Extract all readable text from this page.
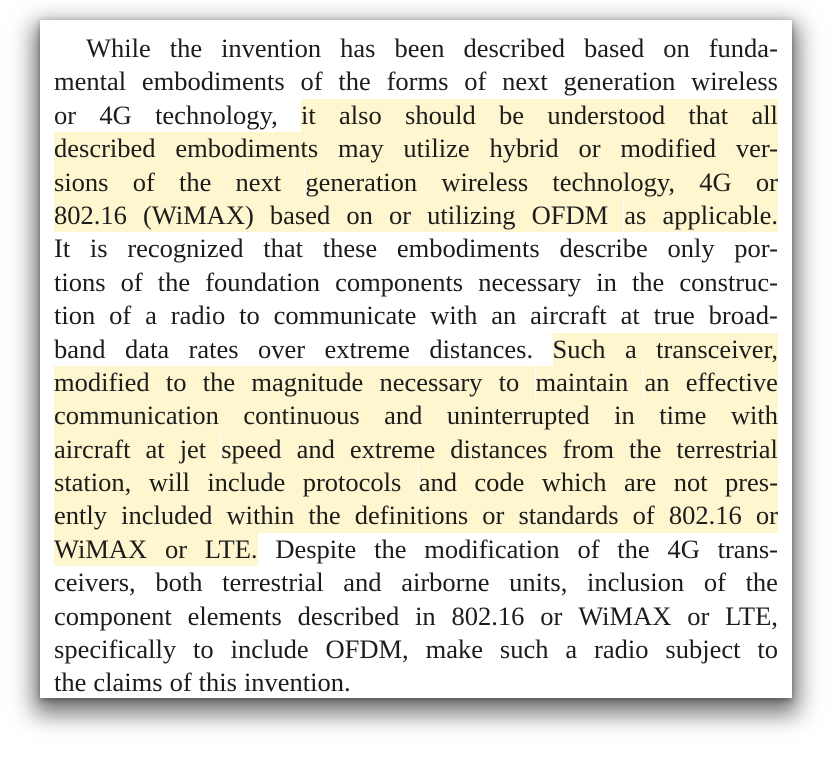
While the invention has been described based on funda-
mental embodiments of the forms of next generation wireless
or 4G technology, it also should be understood that all
described embodiments may utilize hybrid or modified ver-
sions of the next generation wireless technology, 4G or
802.16 (WiMAX) based on or utilizing OFDM as applicable.
It is recognized that these embodiments describe only por-
tions of the foundation components necessary in the construc-
tion of a radio to communicate with an aircraft at true broad-
band data rates over extreme distances. Such a transceiver,
modified to the magnitude necessary to maintain an effective
communication continuous and uninterrupted in time with
aircraft at jet speed and extreme distances from the terrestrial
station, will include protocols and code which are not pres-
ently included within the definitions or standards of 802.16 or
WiMAX or LTE. Despite the modification of the 4G trans-
ceivers, both terrestrial and airborne units, inclusion of the
component elements described in 802.16 or WiMAX or LTE,
specifically to include OFDM, make such a radio subject to
the claims of this invention.
